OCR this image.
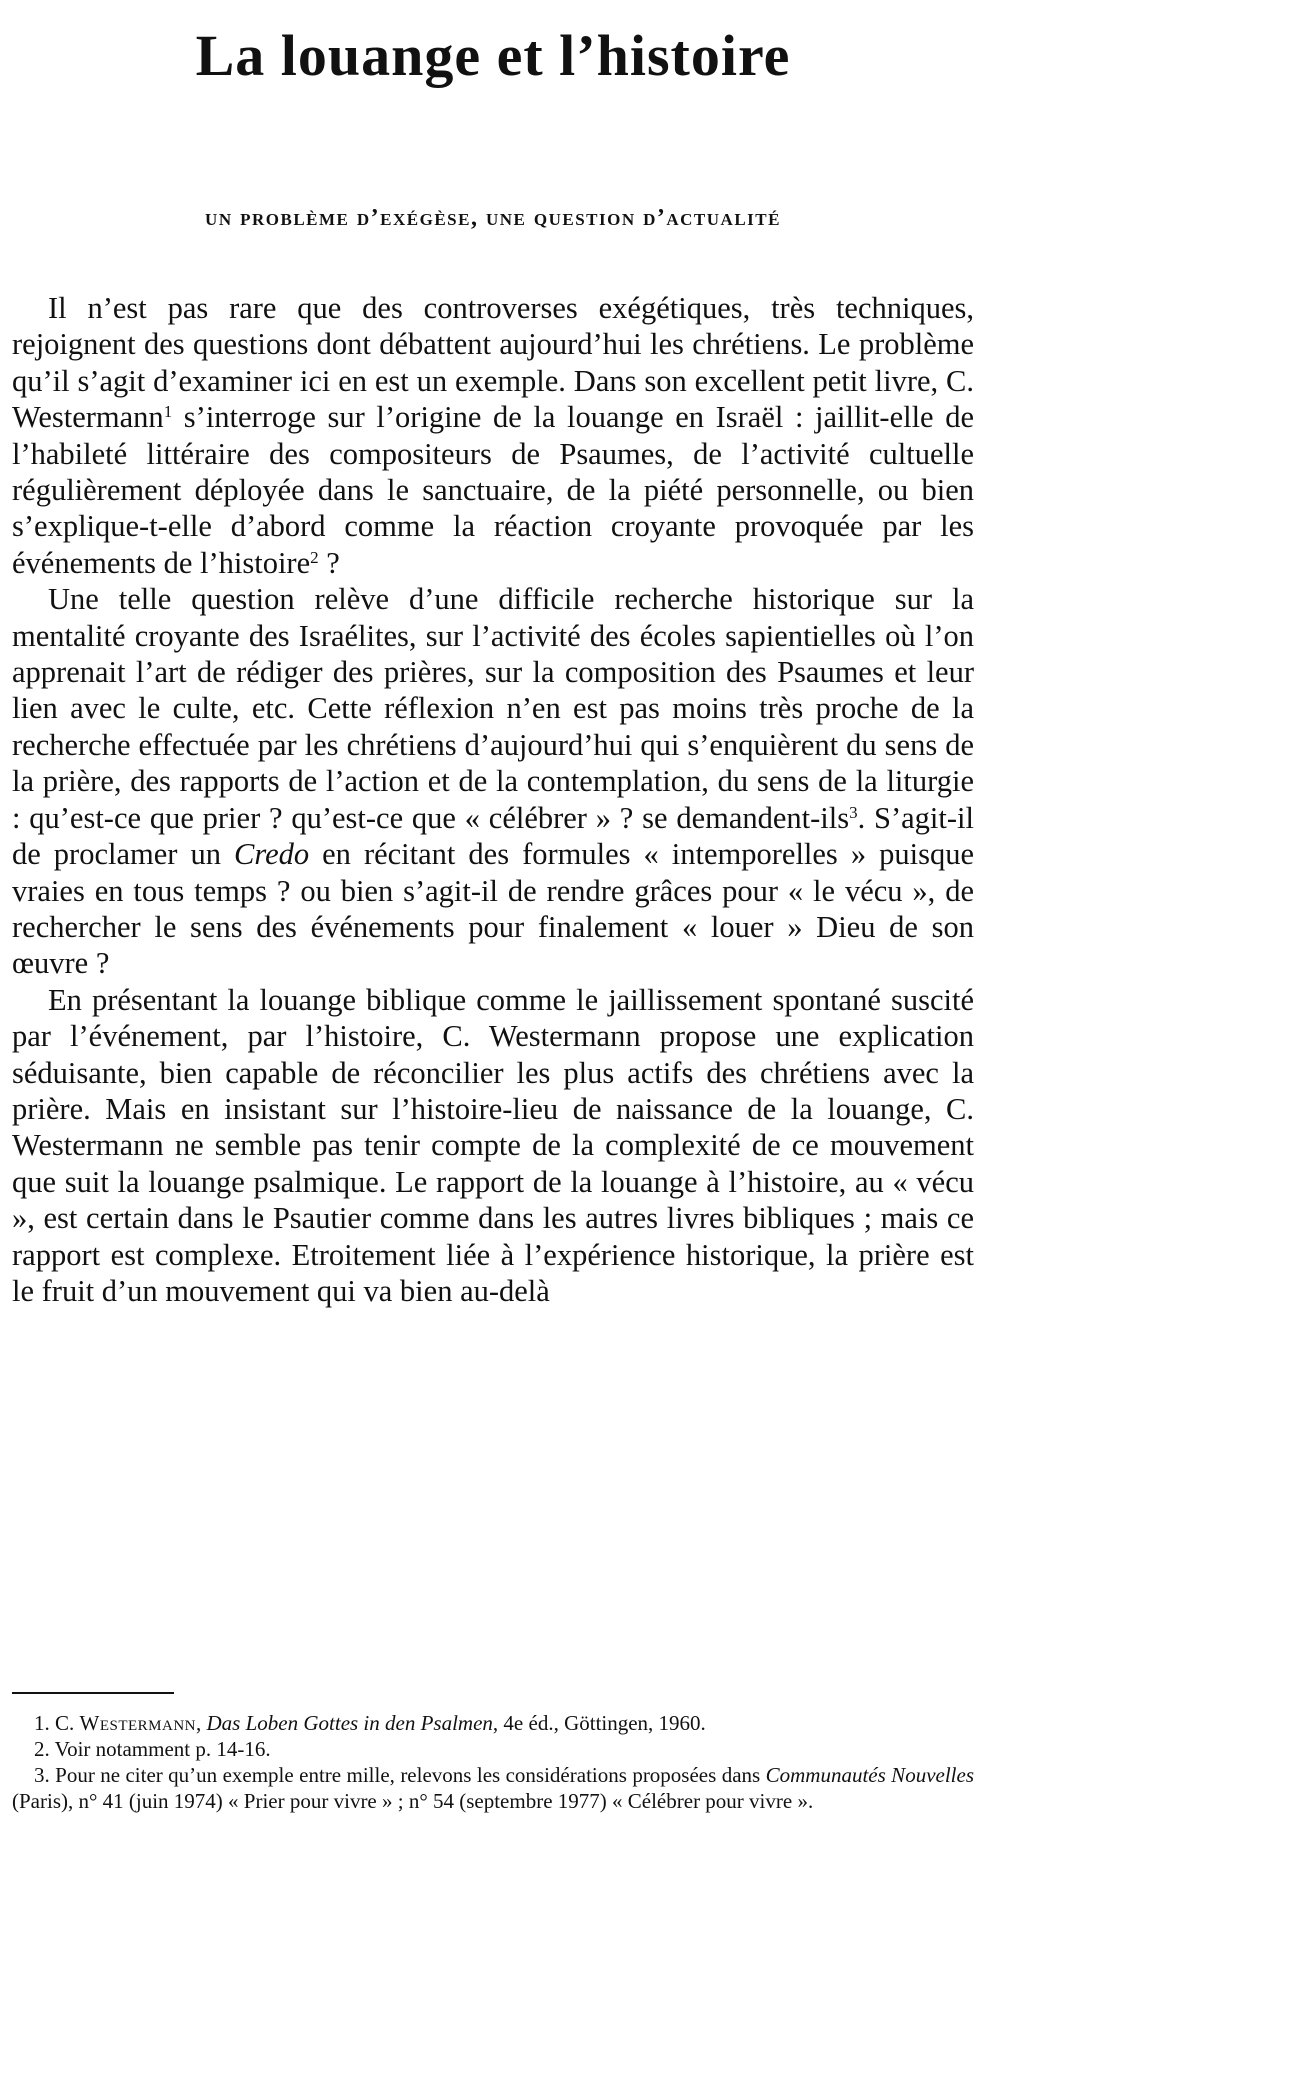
La louange et l’histoire
un problème d’exégèse, une question d’actualité

Il n’est pas rare que des controverses exégétiques, très techniques, rejoignent des questions dont débattent aujourd’hui les chrétiens. Le problème qu’il s’agit d’examiner ici en est un exemple. Dans son excellent petit livre, C. Westermann$^1$ s’interroge sur l’origine de la louange en Israël : jaillit-elle de l’habileté littéraire des compositeurs de Psaumes, de l’activité cultuelle régulièrement déployée dans le sanctuaire, de la piété personnelle, ou bien s’explique-t-elle d’abord comme la réaction croyante provoquée par les événements de l’histoire$^2$ ?

Une telle question relève d’une difficile recherche historique sur la mentalité croyante des Israélites, sur l’activité des écoles sapientielles où l’on apprenait l’art de rédiger des prières, sur la composition des Psaumes et leur lien avec le culte, etc. Cette réflexion n’en est pas moins très proche de la recherche effectuée par les chrétiens d’aujourd’hui qui s’enquièrent du sens de la prière, des rapports de l’action et de la contemplation, du sens de la liturgie : qu’est-ce que prier ? qu’est-ce que « célébrer » ? se demandent-ils$^3$. S’agit-il de proclamer un Credo en récitant des formules « intemporelles » puisque vraies en tous temps ? ou bien s’agit-il de rendre grâces pour « le vécu », de rechercher le sens des événements pour finalement « louer » Dieu de son œuvre ?

En présentant la louange biblique comme le jaillissement spontané suscité par l’événement, par l’histoire, C. Westermann propose une explication séduisante, bien capable de réconcilier les plus actifs des chrétiens avec la prière. Mais en insistant sur l’histoire-lieu de naissance de la louange, C. Westermann ne semble pas tenir compte de la complexité de ce mouvement que suit la louange psalmique. Le rapport de la louange à l’histoire, au « vécu », est certain dans le Psautier comme dans les autres livres bibliques ; mais ce rapport est complexe. Etroitement liée à l’expérience historique, la prière est le fruit d’un mouvement qui va bien au-delà

1. C. Westermann, Das Loben Gottes in den Psalmen, 4e éd., Göttingen, 1960.

2. Voir notamment p. 14-16.

3. Pour ne citer qu’un exemple entre mille, relevons les considérations proposées dans Communautés Nouvelles (Paris), n° 41 (juin 1974) « Prier pour vivre » ; n° 54 (septembre 1977) « Célébrer pour vivre ».
